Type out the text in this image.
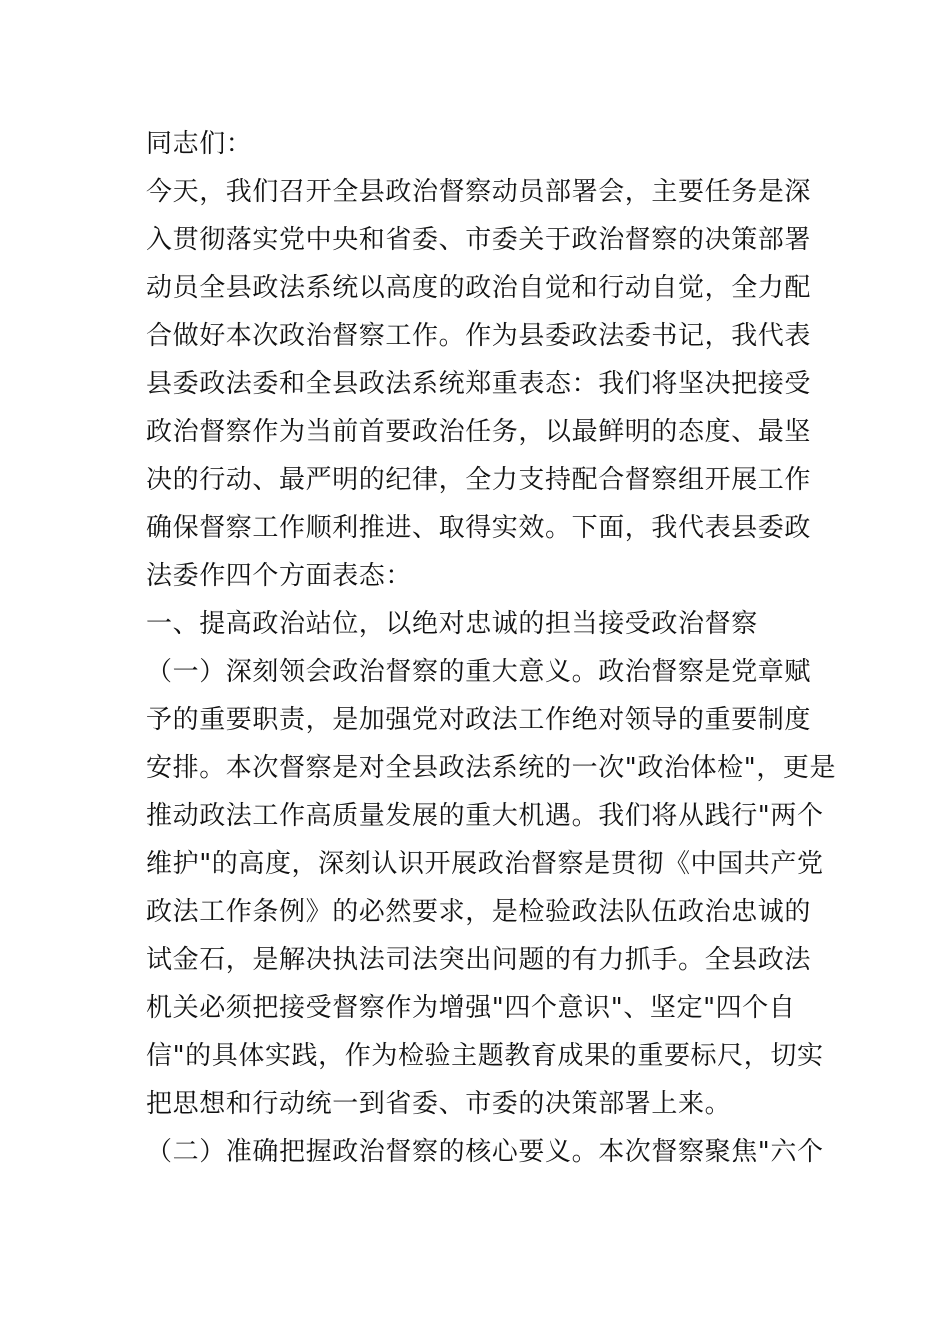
同志们：
今天，我们召开全县政治督察动员部署会，主要任务是深
入贯彻落实党中央和省委、市委关于政治督察的决策部署
动员全县政法系统以高度的政治自觉和行动自觉，全力配
合做好本次政治督察工作。作为县委政法委书记，我代表
县委政法委和全县政法系统郑重表态：我们将坚决把接受
政治督察作为当前首要政治任务，以最鲜明的态度、最坚
决的行动、最严明的纪律，全力支持配合督察组开展工作
确保督察工作顺利推进、取得实效。下面，我代表县委政
法委作四个方面表态：
一、提高政治站位，以绝对忠诚的担当接受政治督察
（一）深刻领会政治督察的重大意义。政治督察是党章赋
予的重要职责，是加强党对政法工作绝对领导的重要制度
安排。本次督察是对全县政法系统的一次"政治体检"，更是
推动政法工作高质量发展的重大机遇。我们将从践行"两个
维护"的高度，深刻认识开展政治督察是贯彻《中国共产党
政法工作条例》的必然要求，是检验政法队伍政治忠诚的
试金石，是解决执法司法突出问题的有力抓手。全县政法
机关必须把接受督察作为增强"四个意识"、坚定"四个自
信"的具体实践，作为检验主题教育成果的重要标尺，切实
把思想和行动统一到省委、市委的决策部署上来。
（二）准确把握政治督察的核心要义。本次督察聚焦"六个
